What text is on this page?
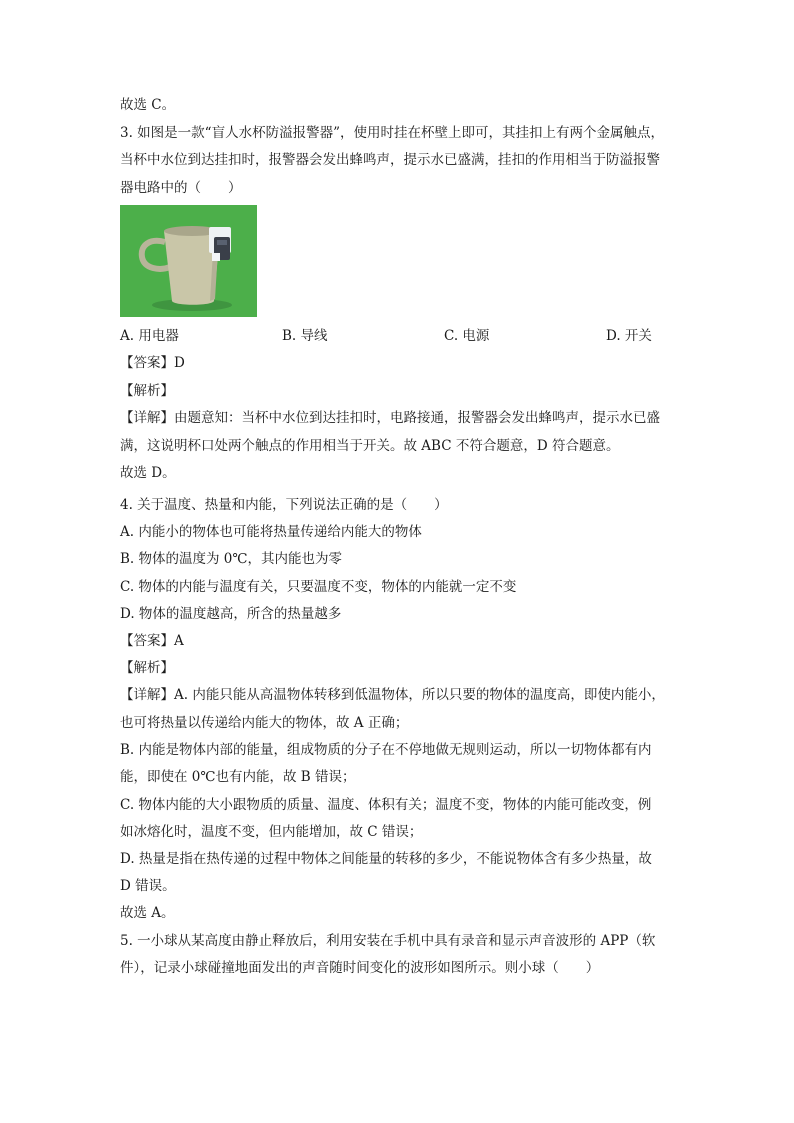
故选 C。
3. 如图是一款“盲人水杯防溢报警器”，使用时挂在杯壁上即可，其挂扣上有两个金属触点，
当杯中水位到达挂扣时，报警器会发出蜂鸣声，提示水已盛满，挂扣的作用相当于防溢报警
器电路中的（　　）
A. 用电器	B. 导线	C. 电源	D. 开关
【答案】D
【解析】
【详解】由题意知：当杯中水位到达挂扣时，电路接通，报警器会发出蜂鸣声，提示水已盛
满，这说明杯口处两个触点的作用相当于开关。故 ABC 不符合题意，D 符合题意。
故选 D。
4. 关于温度、热量和内能，下列说法正确的是（　　）
A. 内能小的物体也可能将热量传递给内能大的物体
B. 物体的温度为 0℃，其内能也为零
C. 物体的内能与温度有关，只要温度不变，物体的内能就一定不变
D. 物体的温度越高，所含的热量越多
【答案】A
【解析】
【详解】A. 内能只能从高温物体转移到低温物体，所以只要的物体的温度高，即使内能小，
也可将热量以传递给内能大的物体，故 A 正确；
B. 内能是物体内部的能量，组成物质的分子在不停地做无规则运动，所以一切物体都有内
能，即使在 0℃也有内能，故 B 错误；
C. 物体内能的大小跟物质的质量、温度、体积有关；温度不变，物体的内能可能改变，例
如冰熔化时，温度不变，但内能增加，故 C 错误；
D. 热量是指在热传递的过程中物体之间能量的转移的多少，不能说物体含有多少热量，故
D 错误。
故选 A。
5. 一小球从某高度由静止释放后，利用安装在手机中具有录音和显示声音波形的 APP（软
件），记录小球碰撞地面发出的声音随时间变化的波形如图所示。则小球（　　）
